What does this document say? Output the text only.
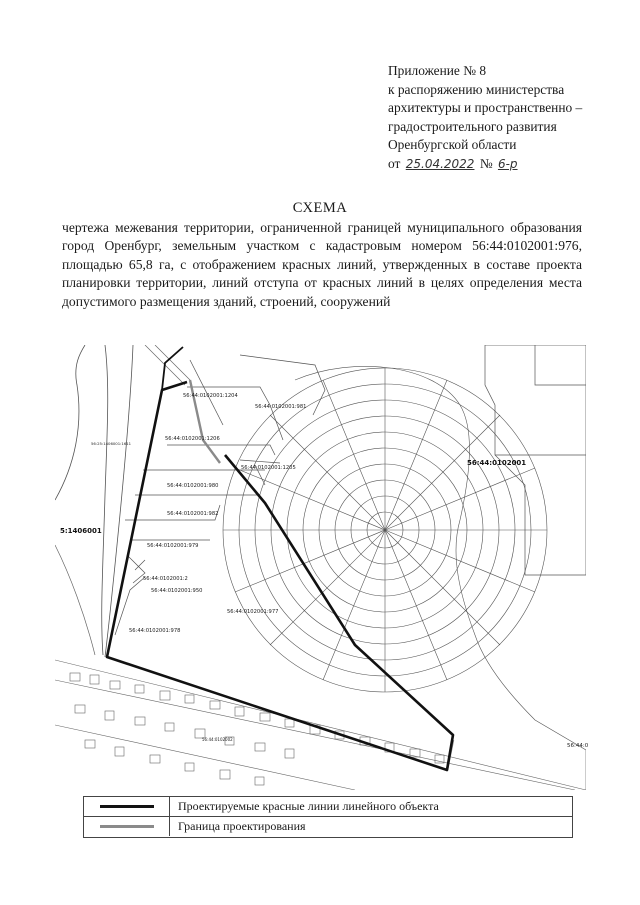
Приложение № 8
к распоряжению министерства
архитектуры и пространственно –
градостроительного развития
Оренбургской области
от 25.04.2022 № 6-р
СХЕМА
чертежа межевания территории, ограниченной границей муниципального образования город Оренбург, земельным участком с кадастровым номером 56:44:0102001:976, площадью 65,8 га, с отображением красных линий, утвержденных в составе проекта планировки территории, линий отступа от красных линий в целях определения места допустимого размещения зданий, строений, сооружений
56:44:0102001:1204
56:44:0102001:981
56:44:0102001:1206
56:44:0102001:1205
56:44:0102001:980
56:44:0102001:982
56:44:0102001:979
56:44:0102001:2
56:44:0102001:950
56:44:0102001:977
56:44:0102001:978
56:44:0102002
56:25:1406001:1611
56:44:0102001
5:1406001
56:44:0
Проектируемые красные линии линейного объекта
Граница проектирования
